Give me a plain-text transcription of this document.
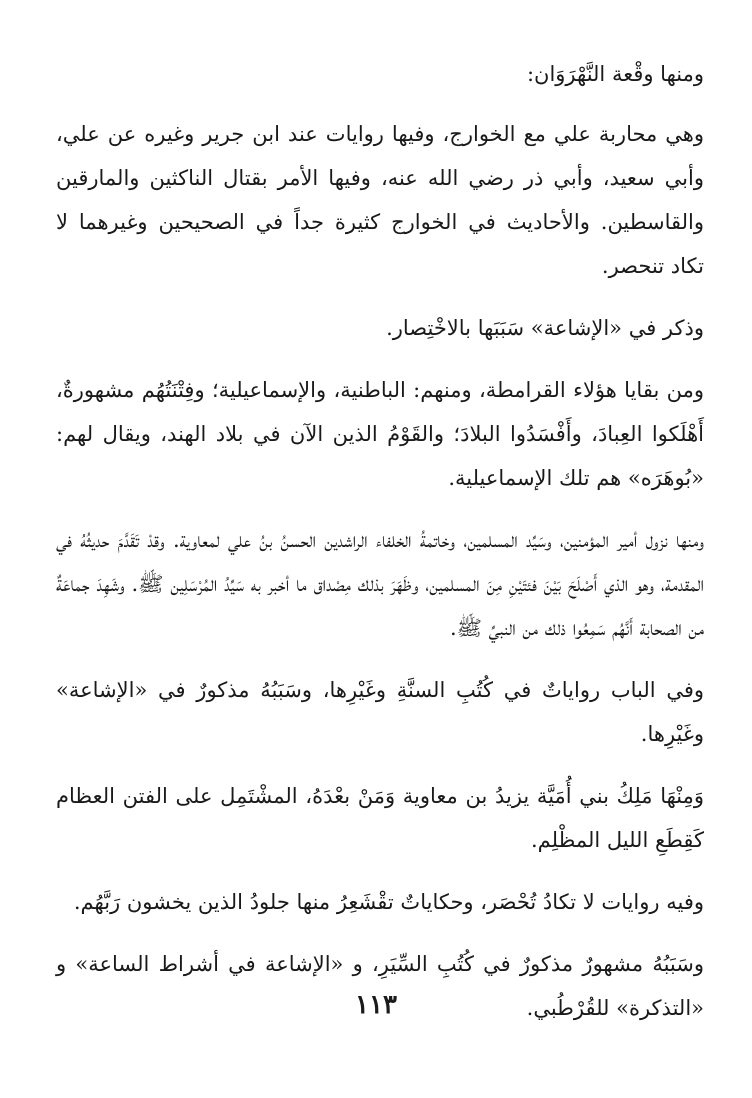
ومنها وقْعة النَّهْرَوَان:

وهي محاربة علي مع الخوارج، وفيها روايات عند ابن جرير وغيره عن علي، وأبي سعيد، وأبي ذر رضي الله عنه، وفيها الأمر بقتال الناكثين والمارقين والقاسطين. والأحاديث في الخوارج كثيرة جداً في الصحيحين وغيرهما لا تكاد تنحصر.

وذكر في «الإشاعة» سَبَبَها بالاخْتِصار.

ومن بقايا هؤلاء القرامطة، ومنهم: الباطنية، والإسماعيلية؛ وفِتْنَتُهُم مشهورةٌ، أَهْلَكوا العِبادَ، وأَفْسَدُوا البلادَ؛ والقَوْمُ الذين الآن في بلاد الهند، ويقال لهم: «بُوهَرَه» هم تلك الإسماعيلية.

ومنها نزول أمير المؤمنين، وسَيِّد المسلمين، وخاتمةُ الخلفاء الراشدين الحسنُ بنُ علي لمعاوية. وقدْ تَقَدَّمَ حديثُهُ في المقدمة، وهو الذي أَصْلَحَ بَيْنَ فئتَيْنِ مِنَ المسلمين، وظَهَرَ بذلك مِصْداق ما أخبر به سَيِّدُ المُرْسَلِين ﷺ. وشَهِدَ جماعَةٌ من الصحابة أَنَّهُم سَمِعُوا ذلك من النبيِّ ﷺ.

وفي الباب رواياتٌ في كُتُبِ السنَّةِ وغَيْرِها، وسَبَبُهُ مذكورٌ في «الإشاعة» وغَيْرِها.

وَمِنْهَا مَلِكُ بني أُمَيَّة يزيدُ بن معاوية وَمَنْ بعْدَهُ، المشْتَمِل على الفتن العظام كَقِطَعِ الليل المظْلِم.

وفيه روايات لا تكادُ تُحْصَر، وحكاياتٌ تقْشَعِرُ منها جلودُ الذين يخشون رَبَّهُم.

وسَبَبُهُ مشهورٌ مذكورٌ في كُتُبِ السِّيَرِ، و «الإشاعة في أشراط الساعة» و «التذكرة» للقُرْطُبي.

١١٣
